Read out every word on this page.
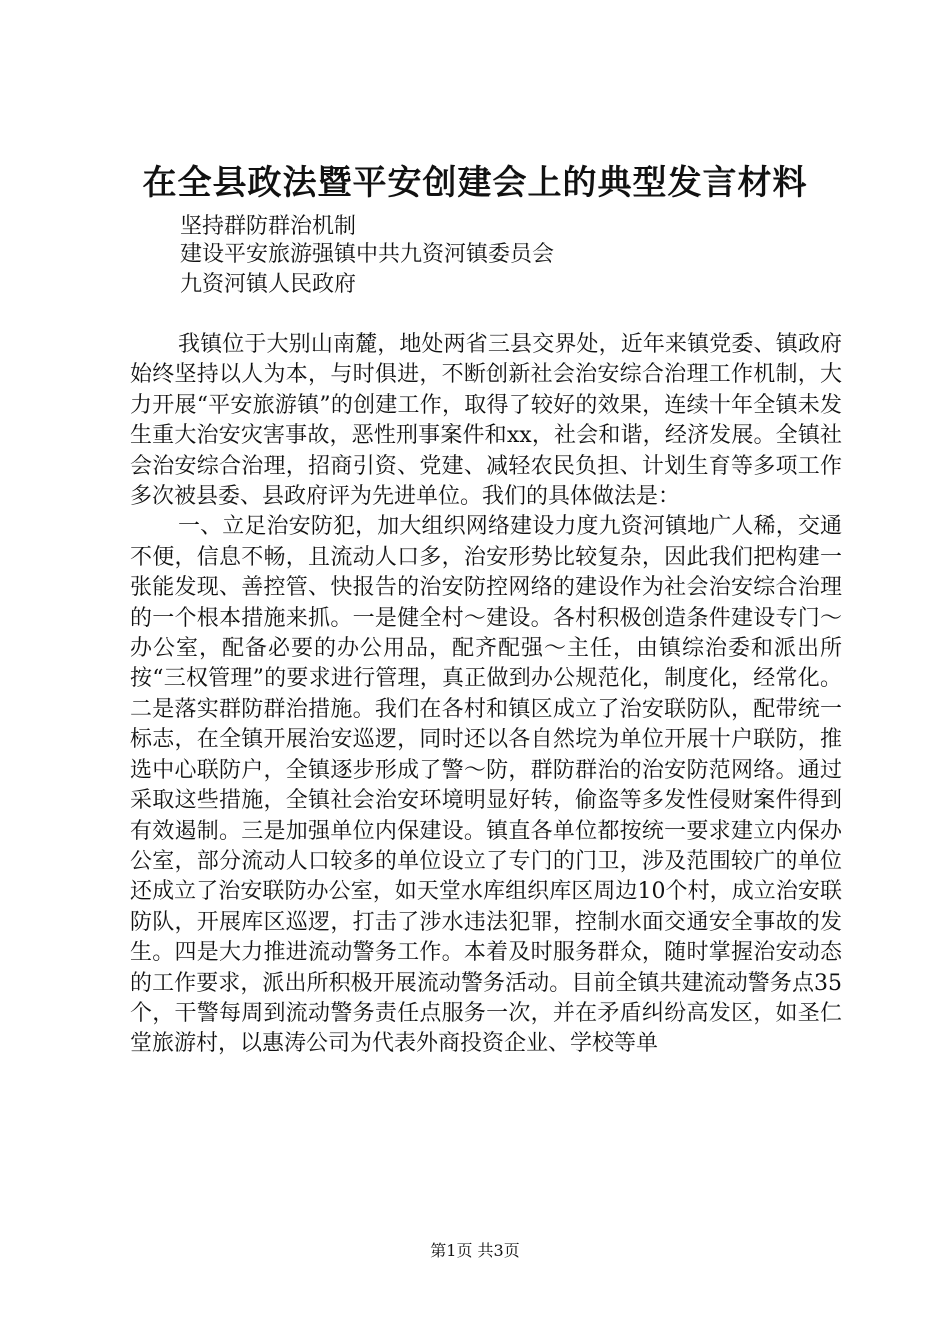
在全县政法暨平安创建会上的典型发言材料
坚持群防群治机制
建设平安旅游强镇中共九资河镇委员会
九资河镇人民政府

我镇位于大别山南麓，地处两省三县交界处，近年来镇党委、镇政府始终坚持以人为本，与时俱进，不断创新社会治安综合治理工作机制，大力开展“平安旅游镇”的创建工作，取得了较好的效果，连续十年全镇未发生重大治安灾害事故，恶性刑事案件和xx，社会和谐，经济发展。全镇社会治安综合治理，招商引资、党建、减轻农民负担、计划生育等多项工作多次被县委、县政府评为先进单位。我们的具体做法是：

一、立足治安防犯，加大组织网络建设力度九资河镇地广人稀，交通不便，信息不畅，且流动人口多，治安形势比较复杂，因此我们把构建一张能发现、善控管、快报告的治安防控网络的建设作为社会治安综合治理的一个根本措施来抓。一是健全村～建设。各村积极创造条件建设专门～办公室，配备必要的办公用品，配齐配强～主任，由镇综治委和派出所按“三权管理”的要求进行管理，真正做到办公规范化，制度化，经常化。二是落实群防群治措施。我们在各村和镇区成立了治安联防队，配带统一标志，在全镇开展治安巡逻，同时还以各自然垸为单位开展十户联防，推选中心联防户，全镇逐步形成了警～防，群防群治的治安防范网络。通过采取这些措施，全镇社会治安环境明显好转，偷盗等多发性侵财案件得到有效遏制。三是加强单位内保建设。镇直各单位都按统一要求建立内保办公室，部分流动人口较多的单位设立了专门的门卫，涉及范围较广的单位还成立了治安联防办公室，如天堂水库组织库区周边10个村，成立治安联防队，开展库区巡逻，打击了涉水违法犯罪，控制水面交通安全事故的发生。四是大力推进流动警务工作。本着及时服务群众，随时掌握治安动态的工作要求，派出所积极开展流动警务活动。目前全镇共建流动警务点35个，干警每周到流动警务责任点服务一次，并在矛盾纠纷高发区，如圣仁堂旅游村，以惠涛公司为代表外商投资企业、学校等单

第1页 共3页
